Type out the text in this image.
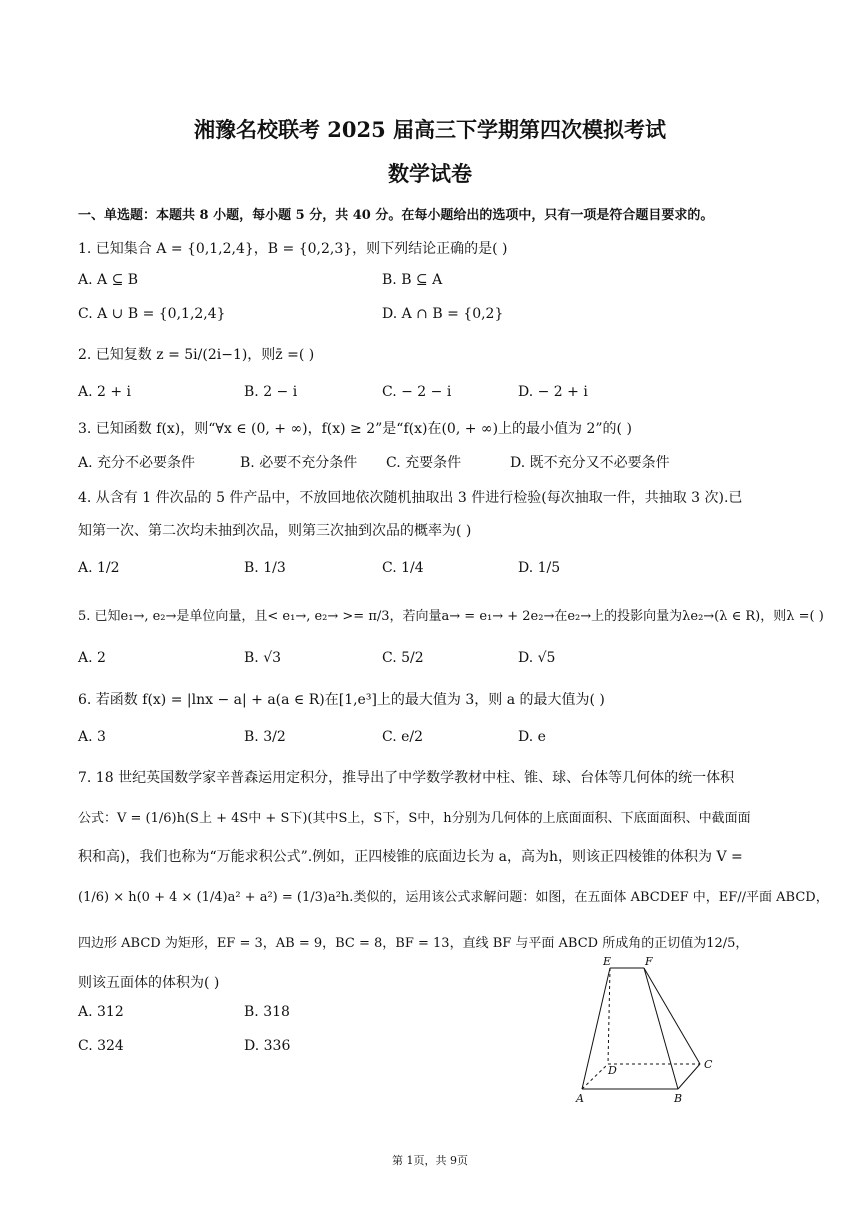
湘豫名校联考 2025 届高三下学期第四次模拟考试
数学试卷
一、单选题：本题共 8 小题，每小题 5 分，共 40 分。在每小题给出的选项中，只有一项是符合题目要求的。
1. 已知集合 A = {0,1,2,4}，B = {0,2,3}，则下列结论正确的是( )
A. A ⊆ B	B. B ⊆ A
C. A ∪ B = {0,1,2,4}	D. A ∩ B = {0,2}
2. 已知复数 z = 5i/(2i−1)，则z̄ =( )
A. 2 + i	B. 2 − i	C. − 2 − i	D. − 2 + i
3. 已知函数 f(x)，则“∀x ∈ (0, + ∞)，f(x) ≥ 2”是“f(x)在(0, + ∞)上的最小值为 2”的( )
A. 充分不必要条件	B. 必要不充分条件 C. 充要条件	D. 既不充分又不必要条件
4. 从含有 1 件次品的 5 件产品中，不放回地依次随机抽取出 3 件进行检验(每次抽取一件，共抽取 3 次).已
知第一次、第二次均未抽到次品，则第三次抽到次品的概率为( )
A. 1/2	B. 1/3	C. 1/4	D. 1/5
5. 已知e₁→, e₂→是单位向量，且< e₁→, e₂→ >= π/3，若向量a→ = e₁→ + 2e₂→在e₂→上的投影向量为λe₂→(λ ∈ R)，则λ =( )
A. 2	B. √3	C. 5/2	D. √5
6. 若函数 f(x) = |lnx − a| + a(a ∈ R)在[1,e³]上的最大值为 3，则 a 的最大值为( )
A. 3	B. 3/2	C. e/2	D. e
7. 18 世纪英国数学家辛普森运用定积分，推导出了中学数学教材中柱、锥、球、台体等几何体的统一体积
公式：V = (1/6)h(S上 + 4S中 + S下)(其中S上，S下，S中，h分别为几何体的上底面面积、下底面面积、中截面面
积和高)，我们也称为“万能求积公式”.例如，正四棱锥的底面边长为 a，高为h，则该正四棱锥的体积为 V =
(1/6) × h(0 + 4 × (1/4)a² + a²) = (1/3)a²h.类似的，运用该公式求解问题：如图，在五面体 ABCDEF 中，EF//平面 ABCD，
四边形 ABCD 为矩形，EF = 3，AB = 9，BC = 8，BF = 13，直线 BF 与平面 ABCD 所成角的正切值为12/5，
则该五面体的体积为( )
A. 312	B. 318
C. 324	D. 336
E	F
D	C
A	B
第 1页，共 9页
